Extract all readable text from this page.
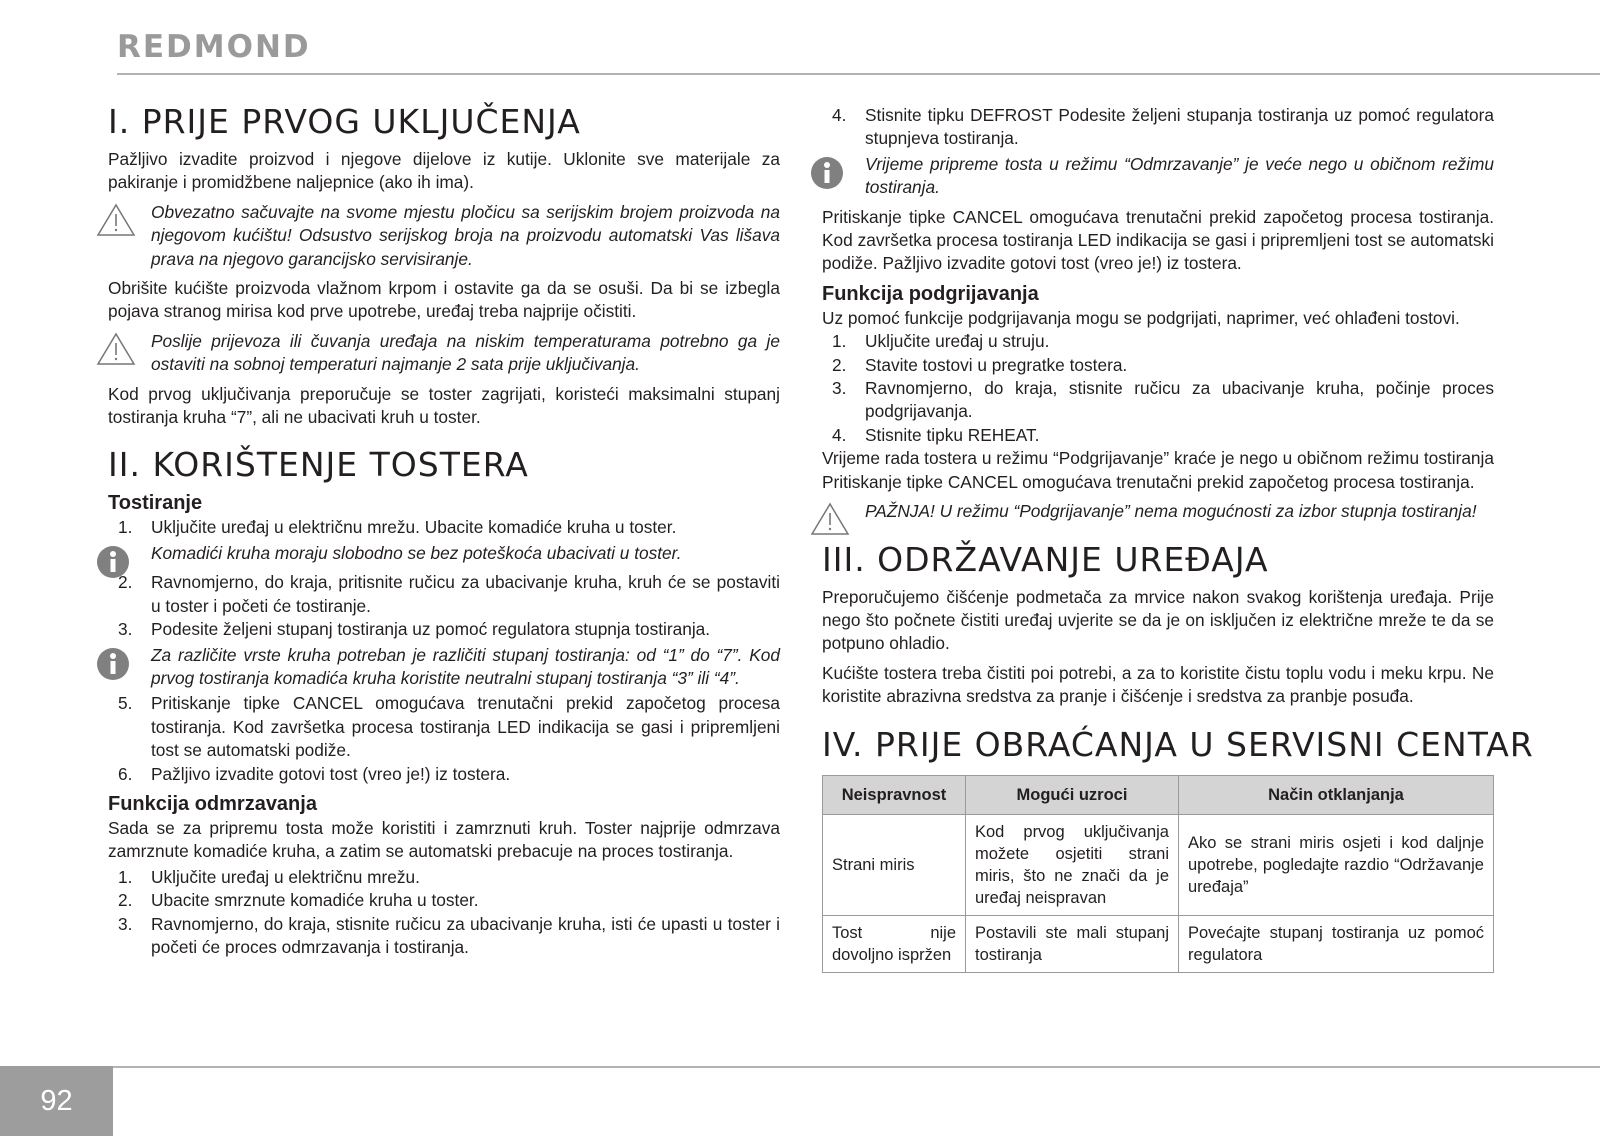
REDMOND
I. PRIJE PRVOG UKLJUČENJA

Pažljivo izvadite proizvod i njegove dijelove iz kutije. Uklonite sve materijale za pakiranje i promidžbene naljepnice (ako ih ima).

Obvezatno sačuvajte na svome mjestu pločicu sa serijskim brojem proizvoda na njegovom kućištu! Odsustvo serijskog broja na proizvodu automatski Vas lišava prava na njegovo garancijsko servisiranje.

Obrišite kućište proizvoda vlažnom krpom i ostavite ga da se osuši. Da bi se izbegla pojava stranog mirisa kod prve upotrebe, uređaj treba najprije očistiti.

Poslije prijevoza ili čuvanja uređaja na niskim temperaturama potrebno ga je ostaviti na sobnoj temperaturi najmanje 2 sata prije uključivanja.

Kod prvog uključivanja preporučuje se toster zagrijati, koristeći maksimalni stupanj tostiranja kruha “7”, ali ne ubacivati kruh u toster.

II. KORIŠTENJE TOSTERA
Tostiranje
1. Uključite uređaj u električnu mrežu. Ubacite komadiće kruha u toster.
Komadići kruha moraju slobodno se bez poteškoća ubacivati u toster.
2. Ravnomjerno, do kraja, pritisnite ručicu za ubacivanje kruha, kruh će se postaviti u toster i početi će tostiranje.
3. Podesite željeni stupanj tostiranja uz pomoć regulatora stupnja tostiranja.
Za različite vrste kruha potreban je različiti stupanj tostiranja: od “1” do “7”. Kod prvog tostiranja komadića kruha koristite neutralni stupanj tostiranja “3” ili “4”.
5. Pritiskanje tipke CANCEL omogućava trenutačni prekid započetog procesa tostiranja. Kod završetka procesa tostiranja LED indikacija se gasi i pripremljeni tost se automatski podiže.
6. Pažljivo izvadite gotovi tost (vreo je!) iz tostera.
Funkcija odmrzavanja

Sada se za pripremu tosta može koristiti i zamrznuti kruh. Toster najprije odmrzava zamrznute komadiće kruha, a zatim se automatski prebacuje na proces tostiranja.

1. Uključite uređaj u električnu mrežu.
2. Ubacite smrznute komadiće kruha u toster.
3. Ravnomjerno, do kraja, stisnite ručicu za ubacivanje kruha, isti će upasti u toster i početi će proces odmrzavanja i tostiranja.
4. Stisnite tipku DEFROST Podesite željeni stupanja tostiranja uz pomoć regulatora stupnjeva tostiranja.
Vrijeme pripreme tosta u režimu “Odmrzavanje” je veće nego u običnom režimu tostiranja.

Pritiskanje tipke CANCEL omogućava trenutačni prekid započetog procesa tostiranja. Kod završetka procesa tostiranja LED indikacija se gasi i pripremljeni tost se automatski podiže. Pažljivo izvadite gotovi tost (vreo je!) iz tostera.

Funkcija podgrijavanja

Uz pomoć funkcije podgrijavanja mogu se podgrijati, naprimer, već ohlađeni tostovi.

1. Uključite uređaj u struju.
2. Stavite tostovi u pregratke tostera.
3. Ravnomjerno, do kraja, stisnite ručicu za ubacivanje kruha, počinje proces podgrijavanja.
4. Stisnite tipku REHEAT.

Vrijeme rada tostera u režimu “Podgrijavanje” kraće je nego u običnom režimu tostiranja Pritiskanje tipke CANCEL omogućava trenutačni prekid započetog procesa tostiranja.

PAŽNJA! U režimu “Podgrijavanje” nema mogućnosti za izbor stupnja tostiranja!
III. ODRŽAVANJE UREĐAJA

Preporučujemo čišćenje podmetača za mrvice nakon svakog korištenja uređaja. Prije nego što počnete čistiti uređaj uvjerite se da je on isključen iz električne mreže te da se potpuno ohladio.

Kućište tostera treba čistiti poi potrebi, a za to koristite čistu toplu vodu i meku krpu. Ne koristite abrazivna sredstva za pranje i čišćenje i sredstva za pranbje posuđa.

IV. PRIJE OBRAĆANJA U SERVISNI CENTAR
Neispravnost	Mogući uzroci	Način otklanjanja
Strani miris	Kod prvog uključivanja možete osjetiti strani miris, što ne znači da je uređaj neispravan	Ako se strani miris osjeti i kod daljnje upotrebe, pogledajte razdio “Održavanje uređaja”
Tost nije dovoljno ispržen	Postavili ste mali stupanj tostiranja	Povećajte stupanj tostiranja uz pomoć regulatora
92
